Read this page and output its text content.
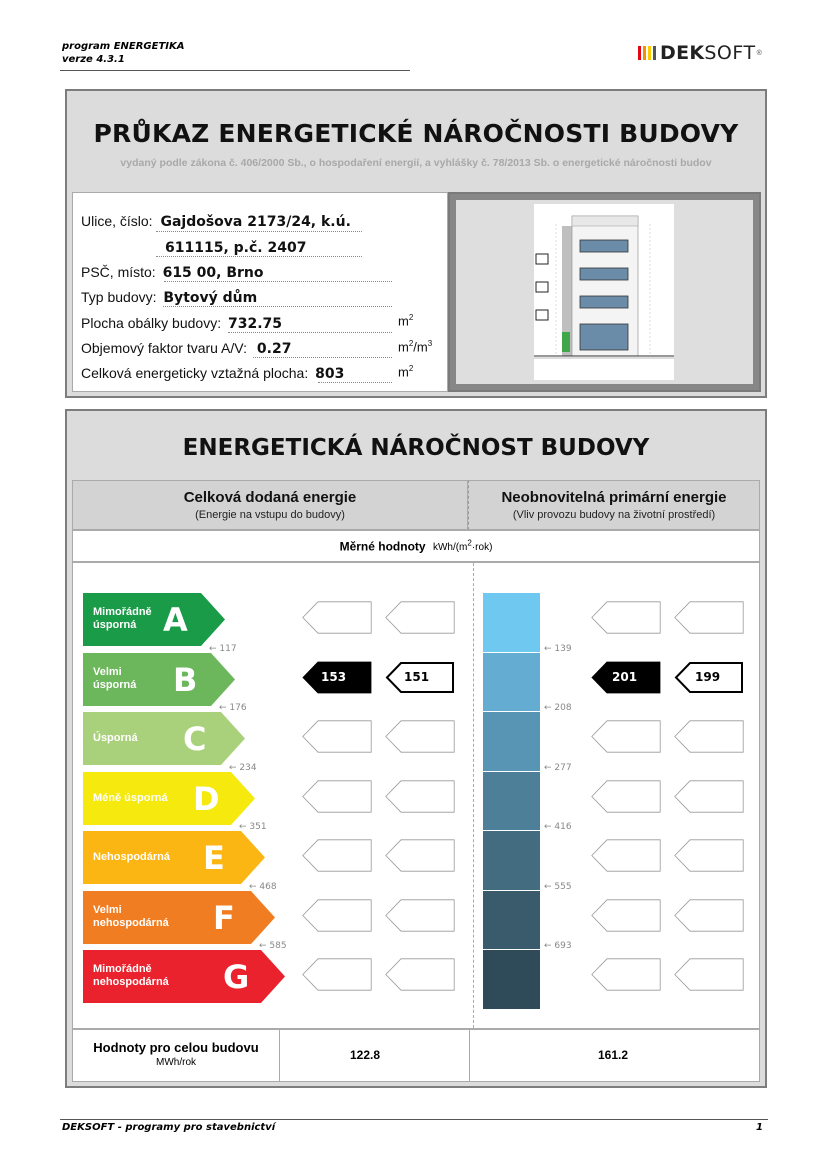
program ENERGETIKA
verze 4.3.1	DEK SOFT ®
PRŮKAZ ENERGETICKÉ NÁROČNOSTI BUDOVY
vydaný podle zákona č. 406/2000 Sb., o hospodaření energií, a vyhlášky č. 78/2013 Sb. o energetické náročnosti budov
Ulice, číslo: Gajdošova 2173/24, k.ú.
611115, p.č. 2407
PSČ, místo: 615 00, Brno
Typ budovy: Bytový dům
Plocha obálky budovy: 732.75	$m^2$
Objemový faktor tvaru A/V: 0.27	$m^2/m^3$
Celková energeticky vztažná plocha: 803	$m^2$
ENERGETICKÁ NÁROČNOST BUDOVY
Celková dodaná energie
(Energie na vstupu do budovy)
Neobnovitelná primární energie
(Vliv provozu budovy na životní prostředí)
Měrné hodnoty kWh/$(m^2\cdot rok)$
Mimořádně
úsporná A
Velmi
úsporná B	153	151	201	199
Úsporná C
Méně úsporná D
Nehospodárná E
Velmi
nehospodárná F
Mimořádně
nehospodárná G
← 117
← 176
← 234
← 351
← 468
← 585
← 139
← 208
← 277
← 416
← 555
← 693
Hodnoty pro celou budovu
MWh/rok
122.8	161.2
DEKSOFT - programy pro stavebnictví	1
